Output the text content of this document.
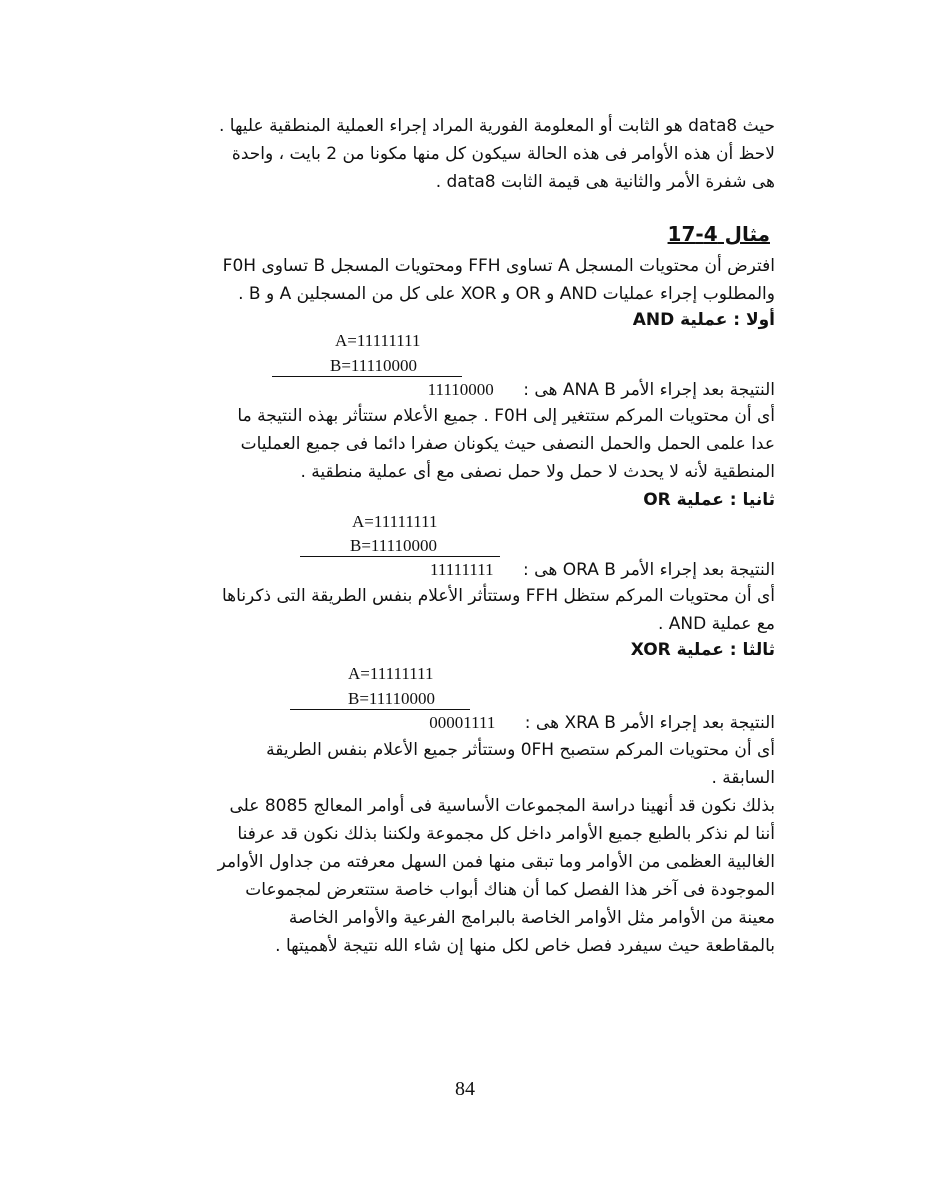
حيث data8 هو الثابت أو المعلومة الفورية المراد إجراء العملية المنطقية عليها .

لاحظ أن هذه الأوامر فى هذه الحالة سيكون كل منها مكونا من 2 بايت ، واحدة

هى شفرة الأمر والثانية هى قيمة الثابت data8 .

مثال 4-17

افترض أن محتويات المسجل A تساوى FFH ومحتويات المسجل B تساوى F0H

والمطلوب إجراء عمليات AND و OR و XOR على كل من المسجلين A و B .

أولا : عملية AND

A=11111111
B=11110000
النتيجة بعد إجراء الأمر ANA B هى : 11110000

أى أن محتويات المركم ستتغير إلى F0H . جميع الأعلام ستتأثر بهذه النتيجة ما

عدا علمى الحمل والحمل النصفى حيث يكونان صفرا دائما فى جميع العمليات

المنطقية لأنه لا يحدث لا حمل ولا حمل نصفى مع أى عملية منطقية .

ثانيا : عملية OR

A=11111111
B=11110000
النتيجة بعد إجراء الأمر ORA B هى : 11111111

أى أن محتويات المركم ستظل FFH وستتأثر الأعلام بنفس الطريقة التى ذكرناها

مع عملية AND .

ثالثا : عملية XOR

A=11111111
B=11110000
النتيجة بعد إجراء الأمر XRA B هى : 00001111

أى أن محتويات المركم ستصبح 0FH وستتأثر جميع الأعلام بنفس الطريقة

السابقة .

بذلك نكون قد أنهينا دراسة المجموعات الأساسية فى أوامر المعالج 8085 على

أننا لم نذكر بالطبع جميع الأوامر داخل كل مجموعة ولكننا بذلك نكون قد عرفنا

الغالبية العظمى من الأوامر وما تبقى منها فمن السهل معرفته من جداول الأوامر

الموجودة فى آخر هذا الفصل كما أن هناك أبواب خاصة ستتعرض لمجموعات

معينة من الأوامر مثل الأوامر الخاصة بالبرامج الفرعية والأوامر الخاصة

بالمقاطعة حيث سيفرد فصل خاص لكل منها إن شاء الله نتيجة لأهميتها .

84
